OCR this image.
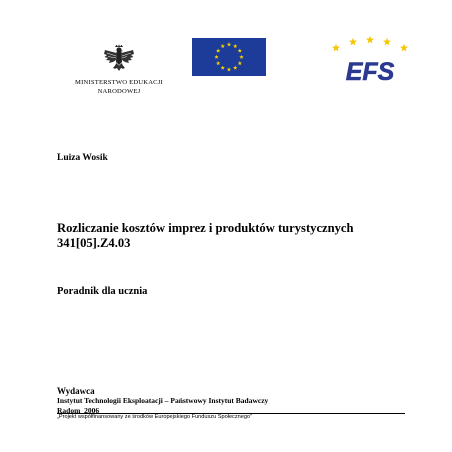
MINISTERSTWO EDUKACJI
NARODOWEJ
EFS
Luiza Wosik
Rozliczanie kosztów imprez i produktów turystycznych
341[05].Z4.03
Poradnik dla ucznia
Wydawca
Instytut Technologii Eksploatacji – Państwowy Instytut Badawczy
Radom  2006
„Projekt współfinansowany ze środków Europejskiego Funduszu Społecznego”
